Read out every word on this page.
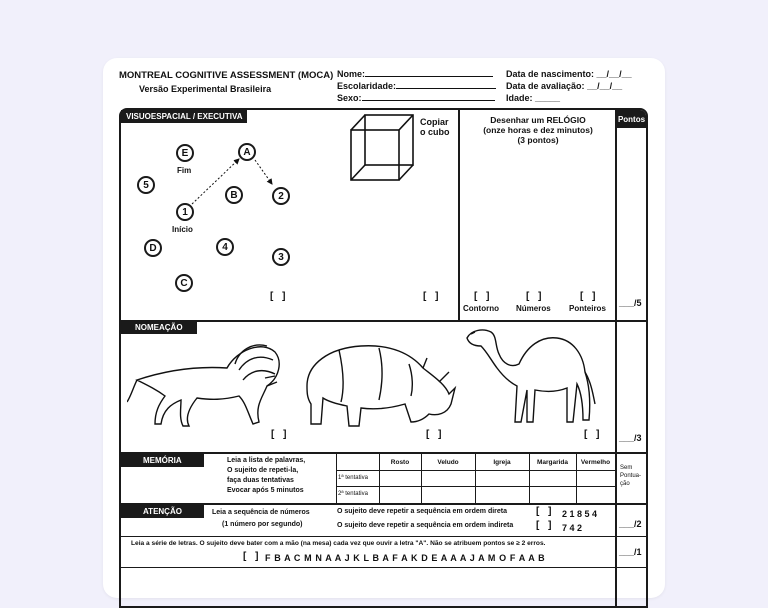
MONTREAL COGNITIVE ASSESSMENT (MOCA)
Versão Experimental Brasileira
Nome:
Escolaridade:
Sexo:
Data de nascimento: __/__/__
Data de avaliação: __/__/__
Idade: _____
Pontos
VISUOESPACIAL / EXECUTIVA
E
Fim
A
5
B	2
1
Início
D	4
3
C
[ ]
Copiar
o cubo
[ ]
Desenhar um RELÓGIO
(onze horas e dez minutos)
(3 pontos)
[ ]	[ ]	[ ]
Contorno Números Ponteiros
___/5
NOMEAÇÃO
[ ]	[ ]	[ ] ___/3
MEMÓRIA	Leia a lista de palavras,
O sujeito de repeti-la,
faça duas tentativas
Evocar após 5 minutos
Rosto	Veludo	Igreja	Margarida	Vermelho
1ª tentativa
2ª tentativa
Sem
Pontua-
ção
ATENÇÃO	Leia a sequência de números
(1 número por segundo)
O sujeito deve repetir a sequência em ordem direta
O sujeito deve repetir a sequência em ordem indireta
[ ] 2 1 8 5 4
[ ] 7 4 2	___/2
Leia a série de letras. O sujeito deve bater com a mão (na mesa) cada vez que ouvir a letra "A". Não se atribuem pontos se ≥ 2 erros.
[ ] F B A C M N A A J K L B A F A K D E A A A J A M O F A A B
___/1
